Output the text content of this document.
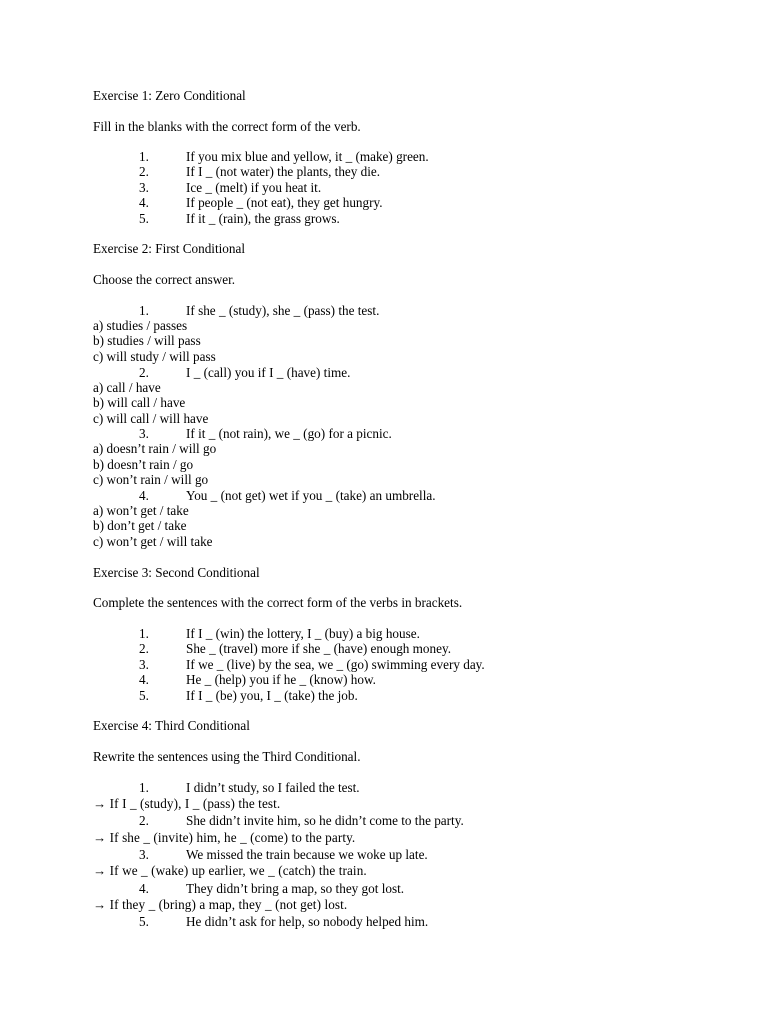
Exercise 1: Zero Conditional
Fill in the blanks with the correct form of the verb.
1.	If you mix blue and yellow, it _ (make) green.
2.	If I _ (not water) the plants, they die.
3.	Ice _ (melt) if you heat it.
4.	If people _ (not eat), they get hungry.
5.	If it _ (rain), the grass grows.
Exercise 2: First Conditional
Choose the correct answer.
1.	If she _ (study), she _ (pass) the test.
a) studies / passes
b) studies / will pass
c) will study / will pass
2.	I _ (call) you if I _ (have) time.
a) call / have
b) will call / have
c) will call / will have
3.	If it _ (not rain), we _ (go) for a picnic.
a) doesn’t rain / will go
b) doesn’t rain / go
c) won’t rain / will go
4.	You _ (not get) wet if you _ (take) an umbrella.
a) won’t get / take
b) don’t get / take
c) won’t get / will take
Exercise 3: Second Conditional
Complete the sentences with the correct form of the verbs in brackets.
1.	If I _ (win) the lottery, I _ (buy) a big house.
2.	She _ (travel) more if she _ (have) enough money.
3.	If we _ (live) by the sea, we _ (go) swimming every day.
4.	He _ (help) you if he _ (know) how.
5.	If I _ (be) you, I _ (take) the job.
Exercise 4: Third Conditional
Rewrite the sentences using the Third Conditional.
1.	I didn’t study, so I failed the test.
→ If I _ (study), I _ (pass) the test.
2.	She didn’t invite him, so he didn’t come to the party.
→ If she _ (invite) him, he _ (come) to the party.
3.	We missed the train because we woke up late.
→ If we _ (wake) up earlier, we _ (catch) the train.
4.	They didn’t bring a map, so they got lost.
→ If they _ (bring) a map, they _ (not get) lost.
5.	He didn’t ask for help, so nobody helped him.
